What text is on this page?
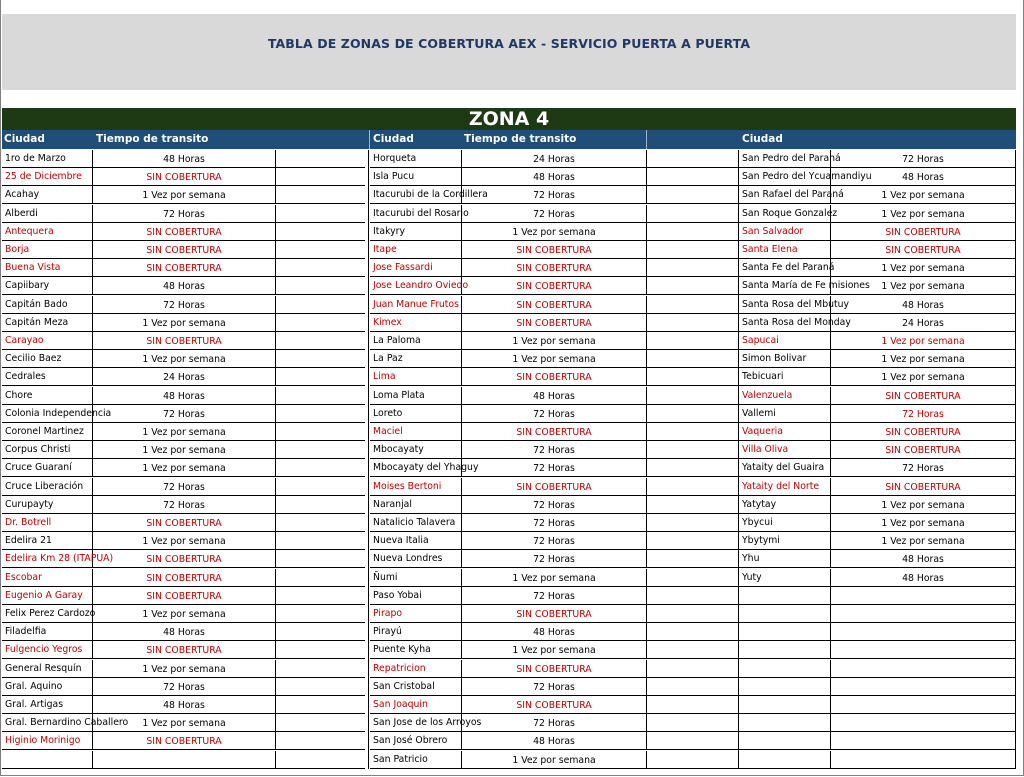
TABLA DE ZONAS DE COBERTURA AEX - SERVICIO PUERTA A PUERTA
ZONA 4
Ciudad	Tiempo de transito	Ciudad	Tiempo de transito	Ciudad
1ro de Marzo	48 Horas
25 de Diciembre	SIN COBERTURA
Acahay	1 Vez por semana
Alberdi	72 Horas
Antequera	SIN COBERTURA
Borja	SIN COBERTURA
Buena Vista	SIN COBERTURA
Capiibary	48 Horas
Capitán Bado	72 Horas
Capitán Meza	1 Vez por semana
Carayao	SIN COBERTURA
Cecilio Baez	1 Vez por semana
Cedrales	24 Horas
Chore	48 Horas
Colonia Independencia	72 Horas
Coronel Martinez	1 Vez por semana
Corpus Christi	1 Vez por semana
Cruce Guaraní	1 Vez por semana
Cruce Liberación	72 Horas
Curupayty	72 Horas
Dr. Botrell	SIN COBERTURA
Edelira 21	1 Vez por semana
Edelira Km 28 (ITAPUA)	SIN COBERTURA
Escobar	SIN COBERTURA
Eugenio A Garay	SIN COBERTURA
Felix Perez Cardozo	1 Vez por semana
Filadelfia	48 Horas
Fulgencio Yegros	SIN COBERTURA
General Resquín	1 Vez por semana
Gral. Aquino	72 Horas
Gral. Artigas	48 Horas
Gral. Bernardino Caballero	1 Vez por semana
Higinio Morinigo	SIN COBERTURA
Horqueta	24 Horas
Isla Pucu	48 Horas
Itacurubi de la Cordillera	72 Horas
Itacurubi del Rosario	72 Horas
Itakyry	1 Vez por semana
Itape	SIN COBERTURA
Jose Fassardi	SIN COBERTURA
Jose Leandro Oviedo	SIN COBERTURA
Juan Manue Frutos	SIN COBERTURA
Kimex	SIN COBERTURA
La Paloma	1 Vez por semana
La Paz	1 Vez por semana
Lima	SIN COBERTURA
Loma Plata	48 Horas
Loreto	72 Horas
Maciel	SIN COBERTURA
Mbocayaty	72 Horas
Mbocayaty del Yhaguy	72 Horas
Moises Bertoni	SIN COBERTURA
Naranjal	72 Horas
Natalicio Talavera	72 Horas
Nueva Italia	72 Horas
Nueva Londres	72 Horas
Ñumi	1 Vez por semana
Paso Yobai	72 Horas
Pirapo	SIN COBERTURA
Pirayú	48 Horas
Puente Kyha	1 Vez por semana
Repatricion	SIN COBERTURA
San Cristobal	72 Horas
San Joaquin	SIN COBERTURA
San Jose de los Arroyos	72 Horas
San José Obrero	48 Horas
San Patricio	1 Vez por semana
San Pedro del Paraná	72 Horas
San Pedro del Ycuamandiyu	48 Horas
San Rafael del Paraná	1 Vez por semana
San Roque Gonzalez	1 Vez por semana
San Salvador	SIN COBERTURA
Santa Elena	SIN COBERTURA
Santa Fe del Paraná	1 Vez por semana
Santa María de Fe misiones	1 Vez por semana
Santa Rosa del Mbutuy	48 Horas
Santa Rosa del Monday	24 Horas
Sapucai	1 Vez por semana
Simon Bolivar	1 Vez por semana
Tebicuari	1 Vez por semana
Valenzuela	SIN COBERTURA
Vallemi	72 Horas
Vaqueria	SIN COBERTURA
Villa Oliva	SIN COBERTURA
Yataity del Guaira	72 Horas
Yataity del Norte	SIN COBERTURA
Yatytay	1 Vez por semana
Ybycui	1 Vez por semana
Ybytymi	1 Vez por semana
Yhu	48 Horas
Yuty	48 Horas
